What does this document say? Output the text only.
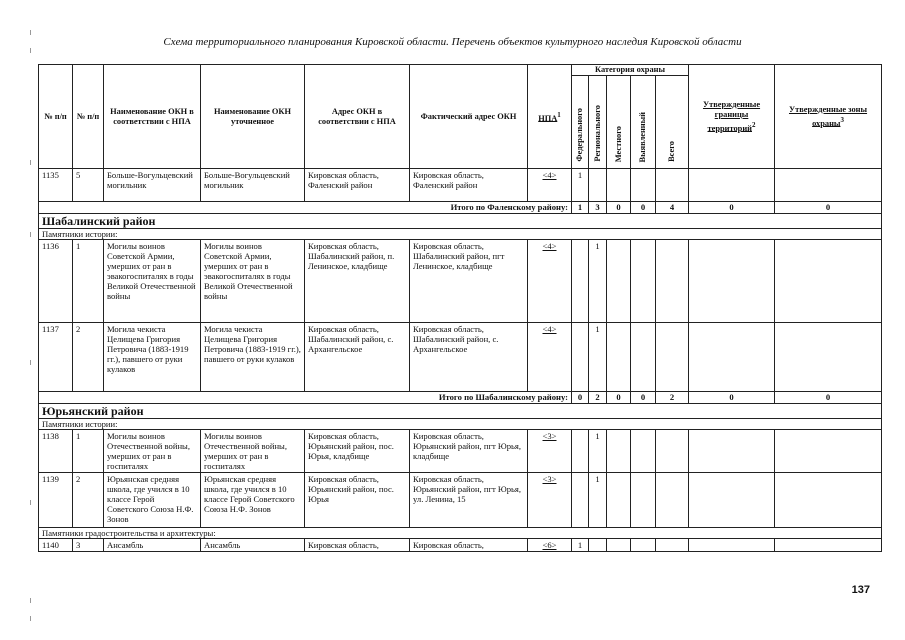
Схема территориального планирования Кировской области. Перечень объектов культурного наследия Кировской области
№ п/п	№ п/п	Наименование ОКН в соответствии с НПА	Наименование ОКН уточненное	Адрес ОКН в соответствии с НПА	Фактический адрес ОКН	НПА$^1$	Категория охраны					Утвержденные границы территорий$^2$	Утвержденные зоны охраны$^3$
							Федерального	Регионального	Местного	Выявленный	Всего		
1135	5	Больше-Вогульцевский могильник	Больше-Вогульцевский могильник	Кировская область, Фаленский район	Кировская область, Фаленский район	<4>	1						
Итого по Фаленскому району:							1	3	0	0	4	0	0
Шабалинский район													
Памятники истории:													
1136	1	Могилы воинов Советской Армии, умерших от ран в эвакогоспиталях в годы Великой Отечественной войны	Могилы воинов Советской Армии, умерших от ран в эвакогоспиталях в годы Великой Отечественной войны	Кировская область, Шабалинский район, п. Ленинское, кладбище	Кировская область, Шабалинский район, пгт Ленинское, кладбище	<4>		1					
1137	2	Могила чекиста Целищева Григория Петровича (1883-1919 гг.), павшего от руки кулаков	Могила чекиста Целищева Григория Петровича (1883-1919 гг.), павшего от руки кулаков	Кировская область, Шабалинский район, с. Архангельское	Кировская область, Шабалинский район, с. Архангельское	<4>		1					
Итого по Шабалинскому району:							0	2	0	0	2	0	0
Юрьянский район													
Памятники истории:													
1138	1	Могилы воинов Отечественной войны, умерших от ран в госпиталях	Могилы воинов Отечественной войны, умерших от ран в госпиталях	Кировская область, Юрьянский район, пос. Юрья, кладбище	Кировская область, Юрьянский район, пгт Юрья, кладбище	<3>		1					
1139	2	Юрьянская средняя школа, где учился в 10 классе Герой Советского Союза Н.Ф. Зонов	Юрьянская средняя школа, где учился в 10 классе Герой Советского Союза Н.Ф. Зонов	Кировская область, Юрьянский район, пос. Юрья	Кировская область, Юрьянский район, пгт Юрья, ул. Ленина, 15	<3>		1					
Памятники градостроительства и архитектуры:													
1140	3	Ансамбль	Ансамбль	Кировская область,	Кировская область,	<6>	1						
137
